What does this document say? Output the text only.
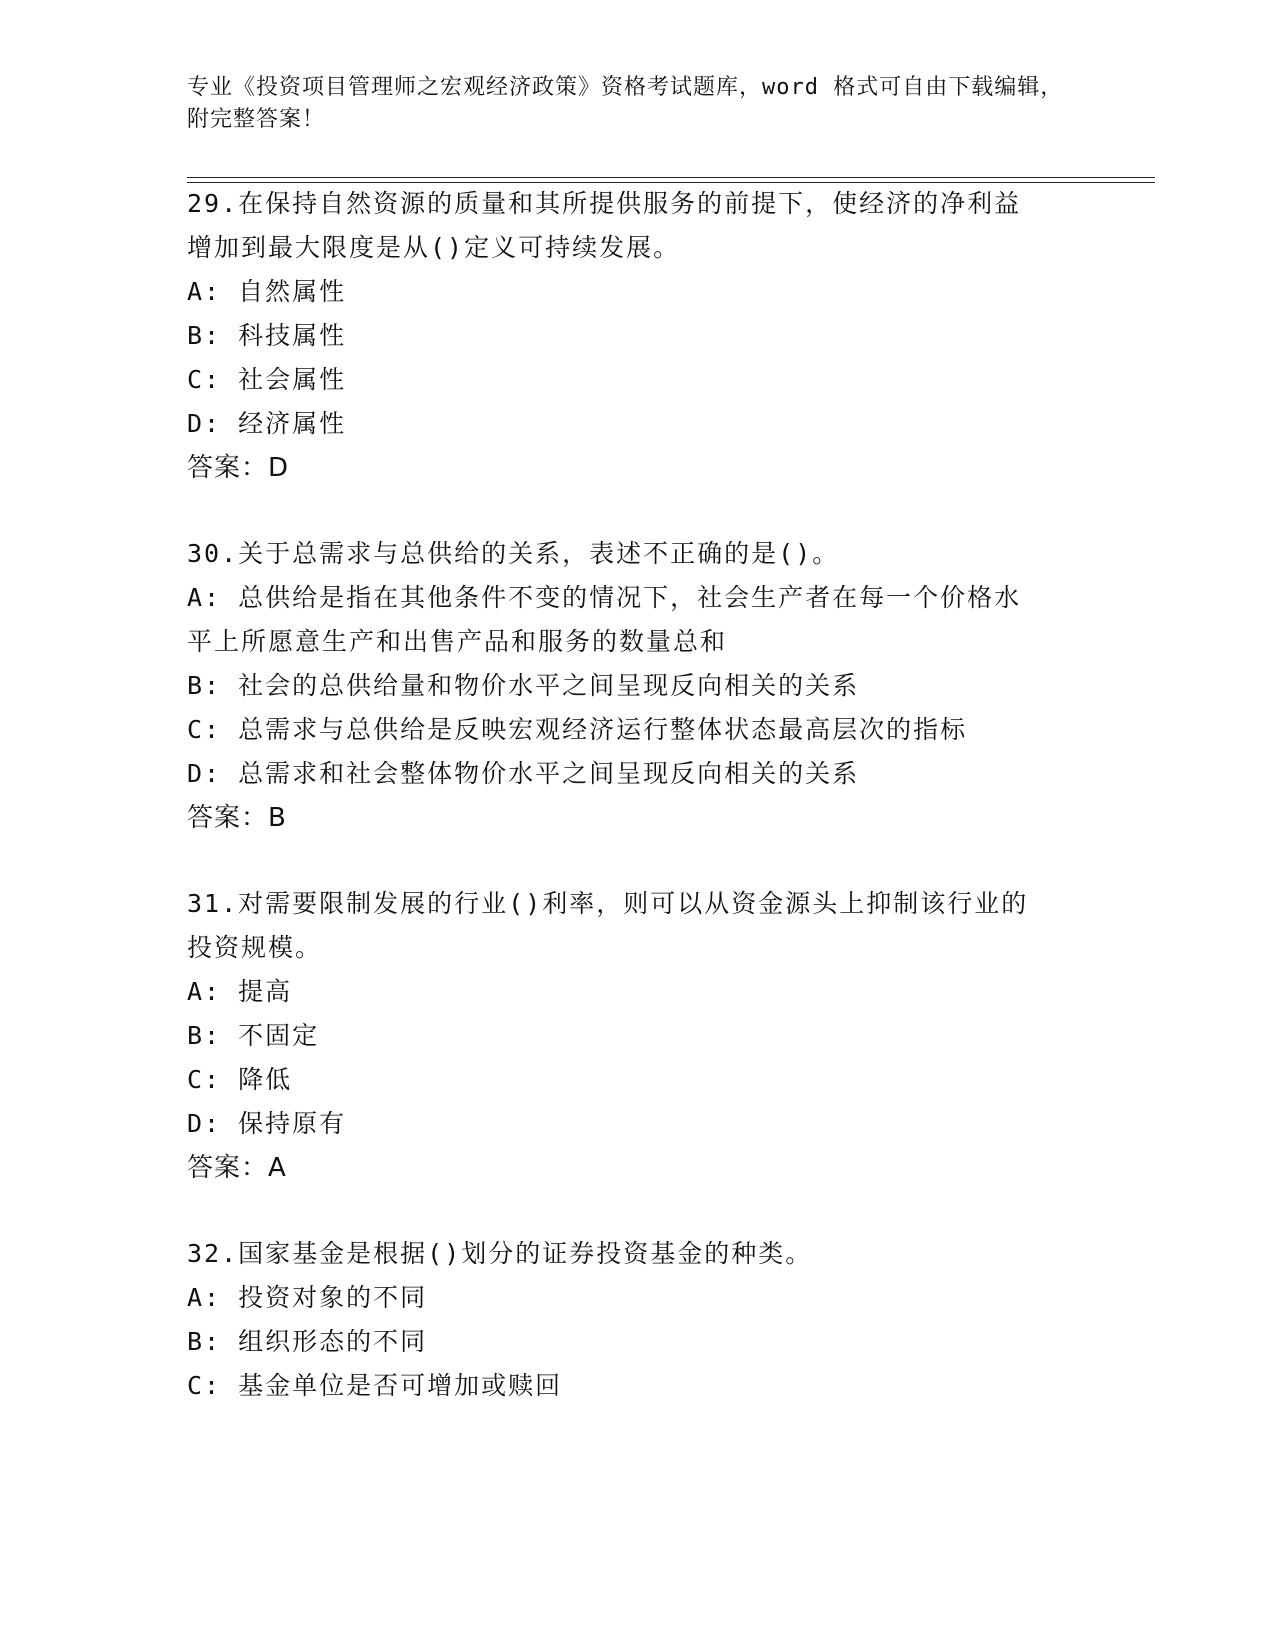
专业《投资项目管理师之宏观经济政策》资格考试题库，word 格式可自由下载编辑，附完整答案！
29.在保持自然资源的质量和其所提供服务的前提下，使经济的净利益
增加到最大限度是从()定义可持续发展。
A: 自然属性
B: 科技属性
C: 社会属性
D: 经济属性
答案：D
30.关于总需求与总供给的关系，表述不正确的是()。
A: 总供给是指在其他条件不变的情况下，社会生产者在每一个价格水
平上所愿意生产和出售产品和服务的数量总和
B: 社会的总供给量和物价水平之间呈现反向相关的关系
C: 总需求与总供给是反映宏观经济运行整体状态最高层次的指标
D: 总需求和社会整体物价水平之间呈现反向相关的关系
答案：B
31.对需要限制发展的行业()利率，则可以从资金源头上抑制该行业的
投资规模。
A: 提高
B: 不固定
C: 降低
D: 保持原有
答案：A
32.国家基金是根据()划分的证券投资基金的种类。
A: 投资对象的不同
B: 组织形态的不同
C: 基金单位是否可增加或赎回
